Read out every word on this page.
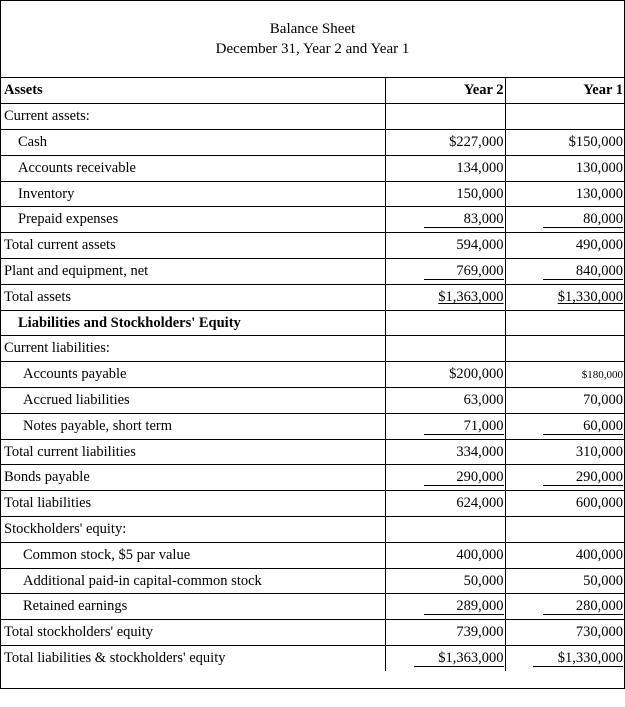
Balance Sheet
December 31, Year 2 and Year 1
Assets	Year 2	Year 1
Current assets:		
Cash	$227,000	$150,000
Accounts receivable	134,000	130,000
Inventory	150,000	130,000
Prepaid expenses	83,000	80,000
Total current assets	594,000	490,000
Plant and equipment, net	769,000	840,000
Total assets	$1,363,000	$1,330,000
Liabilities and Stockholders' Equity		
Current liabilities:		
Accounts payable	$200,000	$180,000
Accrued liabilities	63,000	70,000
Notes payable, short term	71,000	60,000
Total current liabilities	334,000	310,000
Bonds payable	290,000	290,000
Total liabilities	624,000	600,000
Stockholders' equity:		
Common stock, $5 par value	400,000	400,000
Additional paid-in capital-common stock	50,000	50,000
Retained earnings	289,000	280,000
Total stockholders' equity	739,000	730,000
Total liabilities & stockholders' equity	$1,363,000	$1,330,000
